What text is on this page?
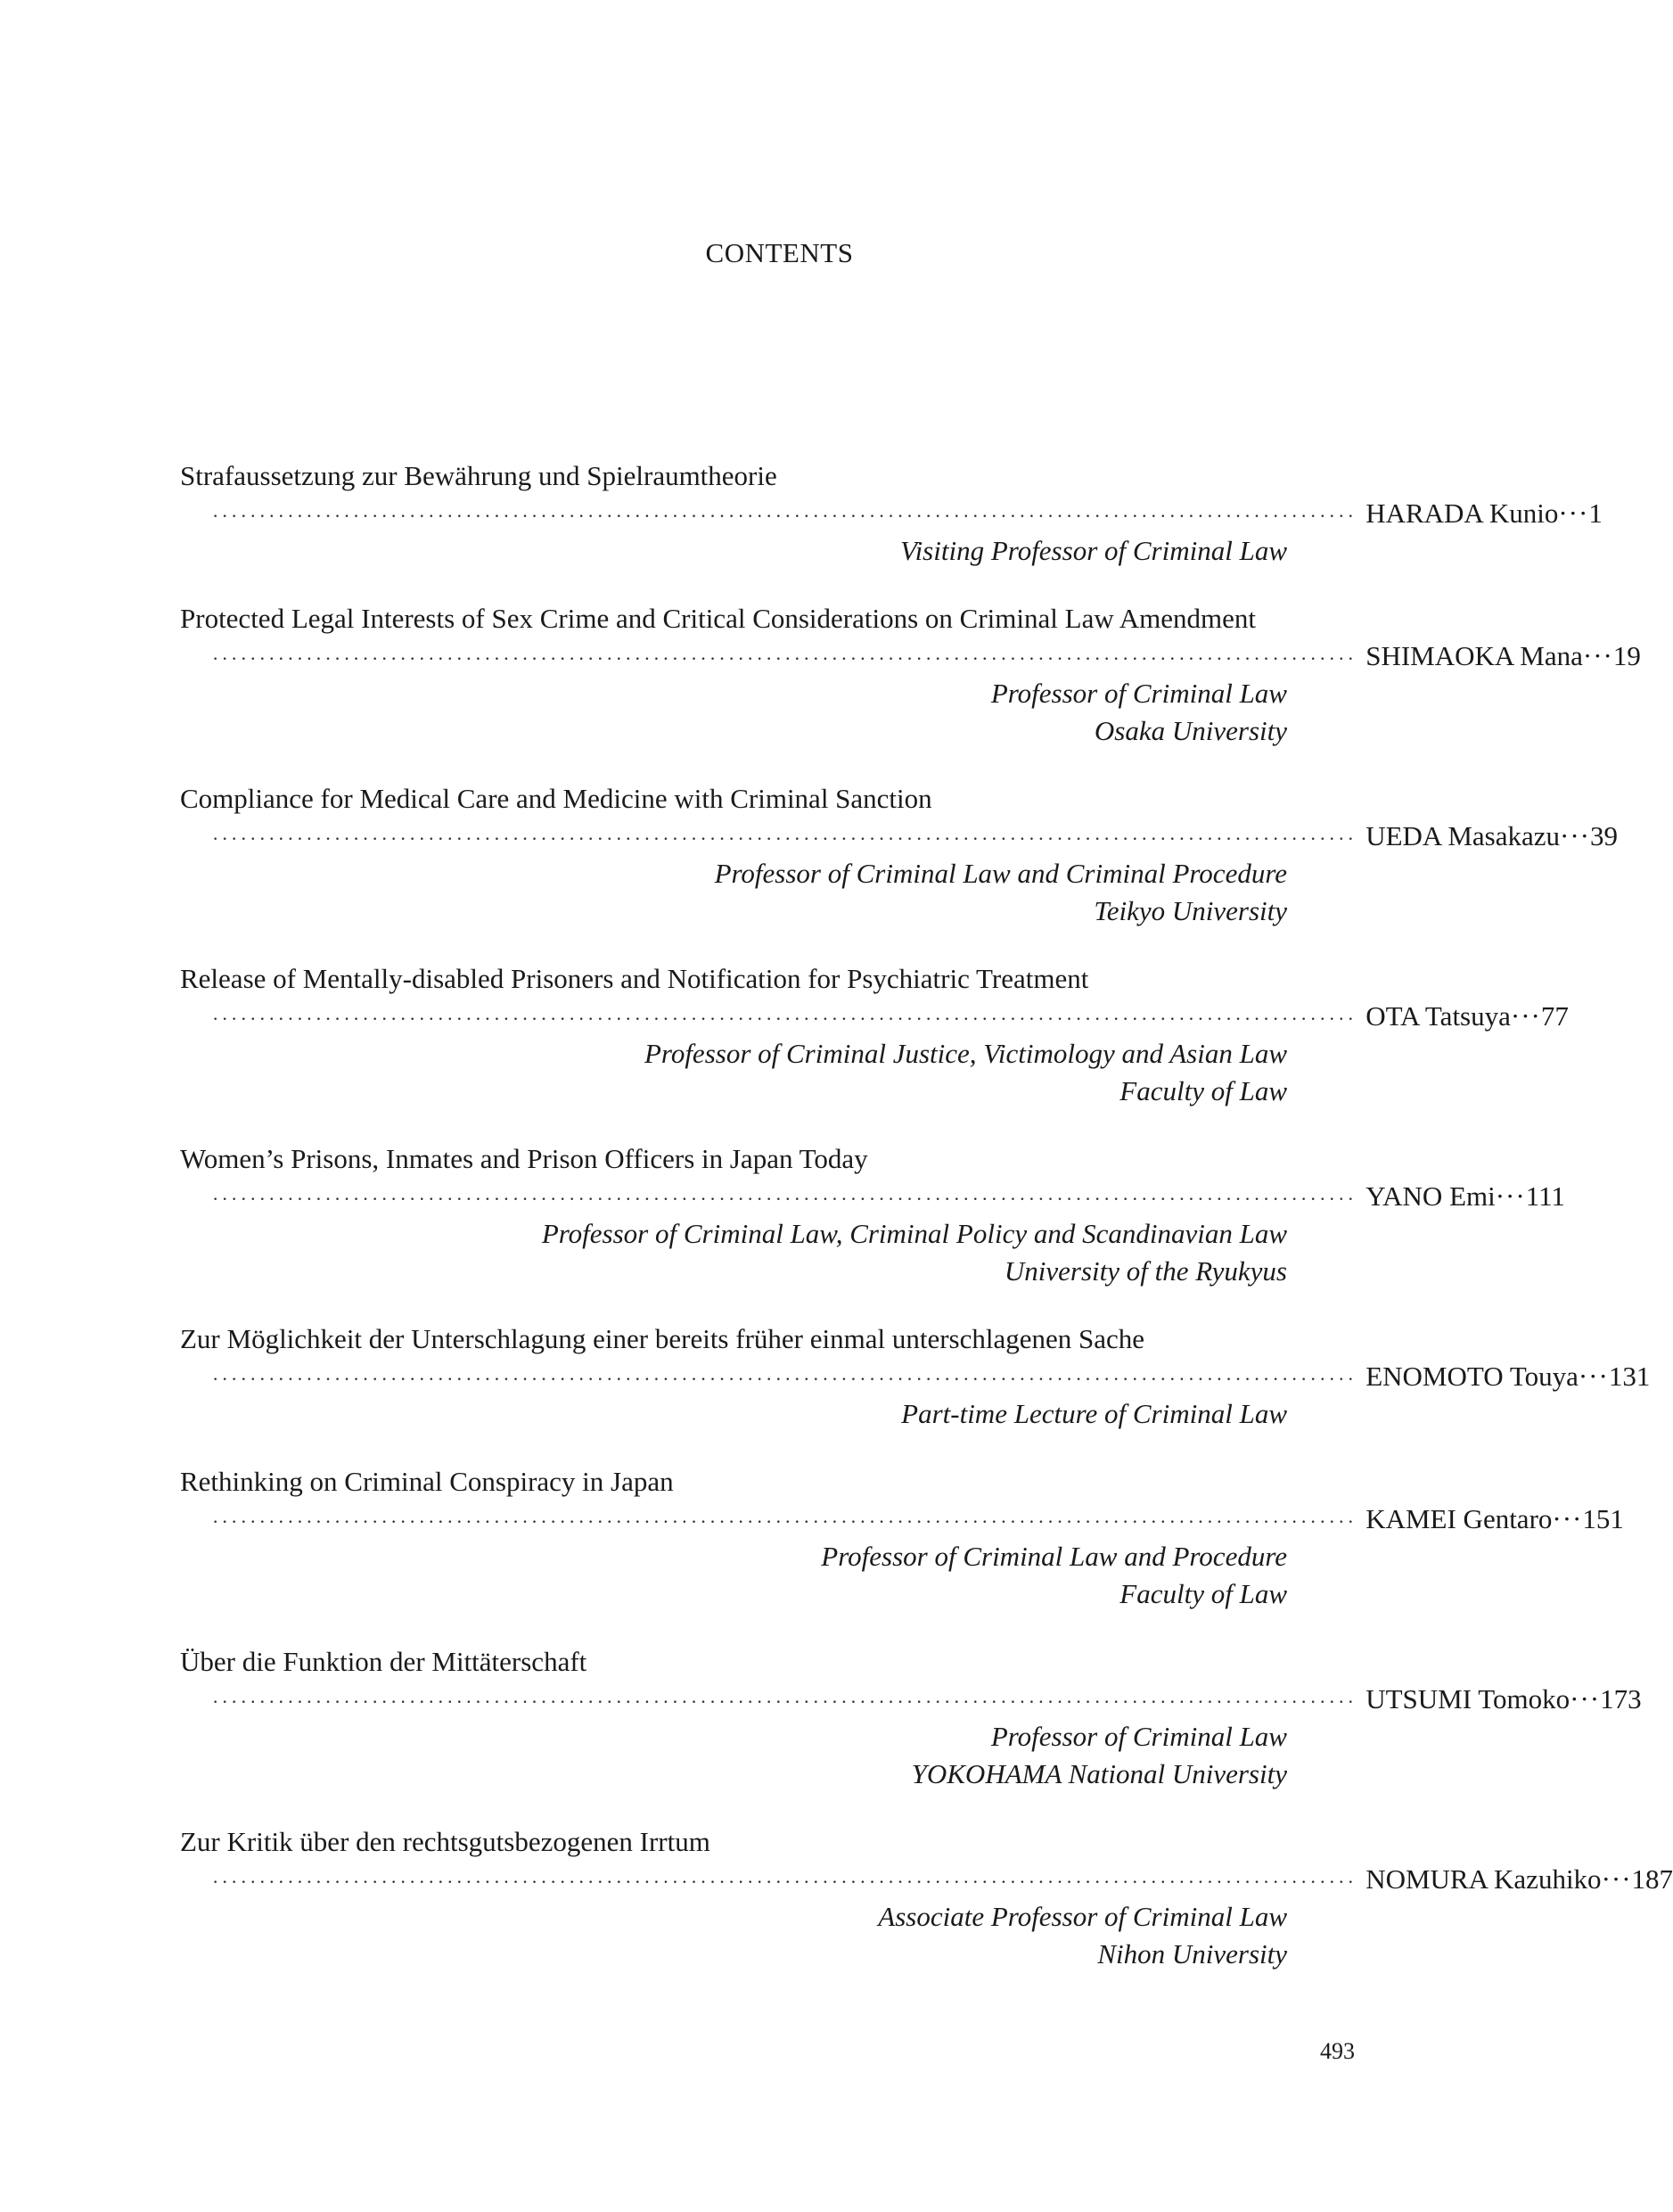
CONTENTS
Strafaussetzung zur Bewährung und Spielraumtheorie
·························································································································· HARADA Kunio ··· 1
Visiting Professor of Criminal Law
Protected Legal Interests of Sex Crime and Critical Considerations on Criminal Law Amendment
·························································································································· SHIMAOKA Mana ··· 19
Professor of Criminal Law
Osaka University
Compliance for Medical Care and Medicine with Criminal Sanction
·························································································································· UEDA Masakazu ··· 39
Professor of Criminal Law and Criminal Procedure
Teikyo University
Release of Mentally-disabled Prisoners and Notification for Psychiatric Treatment
·························································································································· OTA Tatsuya ··· 77
Professor of Criminal Justice, Victimology and Asian Law
Faculty of Law
Women’s Prisons, Inmates and Prison Officers in Japan Today
·························································································································· YANO Emi ··· 111
Professor of Criminal Law, Criminal Policy and Scandinavian Law
University of the Ryukyus
Zur Möglichkeit der Unterschlagung einer bereits früher einmal unterschlagenen Sache
·························································································································· ENOMOTO Touya ··· 131
Part-time Lecture of Criminal Law
Rethinking on Criminal Conspiracy in Japan
·························································································································· KAMEI Gentaro ··· 151
Professor of Criminal Law and Procedure
Faculty of Law
Über die Funktion der Mittäterschaft
·························································································································· UTSUMI Tomoko ··· 173
Professor of Criminal Law
YOKOHAMA National University
Zur Kritik über den rechtsgutsbezogenen Irrtum
·························································································································· NOMURA Kazuhiko ··· 187
Associate Professor of Criminal Law
Nihon University
493
